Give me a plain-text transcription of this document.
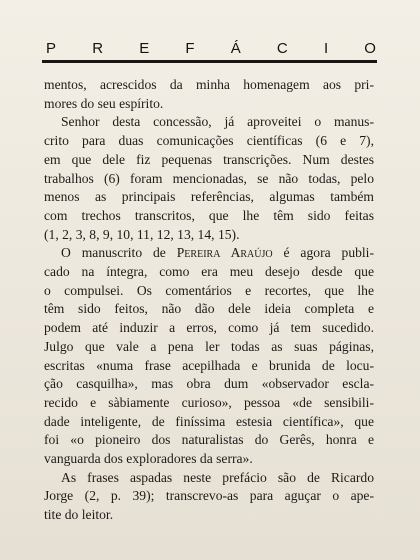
P R E F Á C I O
mentos, acrescidos da minha homenagem aos pri-
mores do seu espírito.
Senhor desta concessão, já aproveitei o manus-
crito para duas comunicações científicas (6 e 7),
em que dele fiz pequenas transcrições. Num destes
trabalhos (6) foram mencionadas, se não todas, pelo
menos as principais referências, algumas também
com trechos transcritos, que lhe têm sido feitas
(1, 2, 3, 8, 9, 10, 11, 12, 13, 14, 15).
O manuscrito de Pereira Araújo é agora publi-
cado na íntegra, como era meu desejo desde que
o compulsei. Os comentários e recortes, que lhe
têm sido feitos, não dão dele ideia completa e
podem até induzir a erros, como já tem sucedido.
Julgo que vale a pena ler todas as suas páginas,
escritas «numa frase acepilhada e brunida de locu-
ção casquilha», mas obra dum «observador esclа-
recido e sàbiamente curioso», pessoa «de sensibili-
dade inteligente, de finíssima estesia científica», que
foi «o pioneiro dos naturalistas do Gerês, honra e
vanguarda dos exploradores da serra».
As frases aspadas neste prefácio são de Ricardo
Jorge (2, p. 39); transcrevo-as para aguçar o ape-
tite do leitor.
